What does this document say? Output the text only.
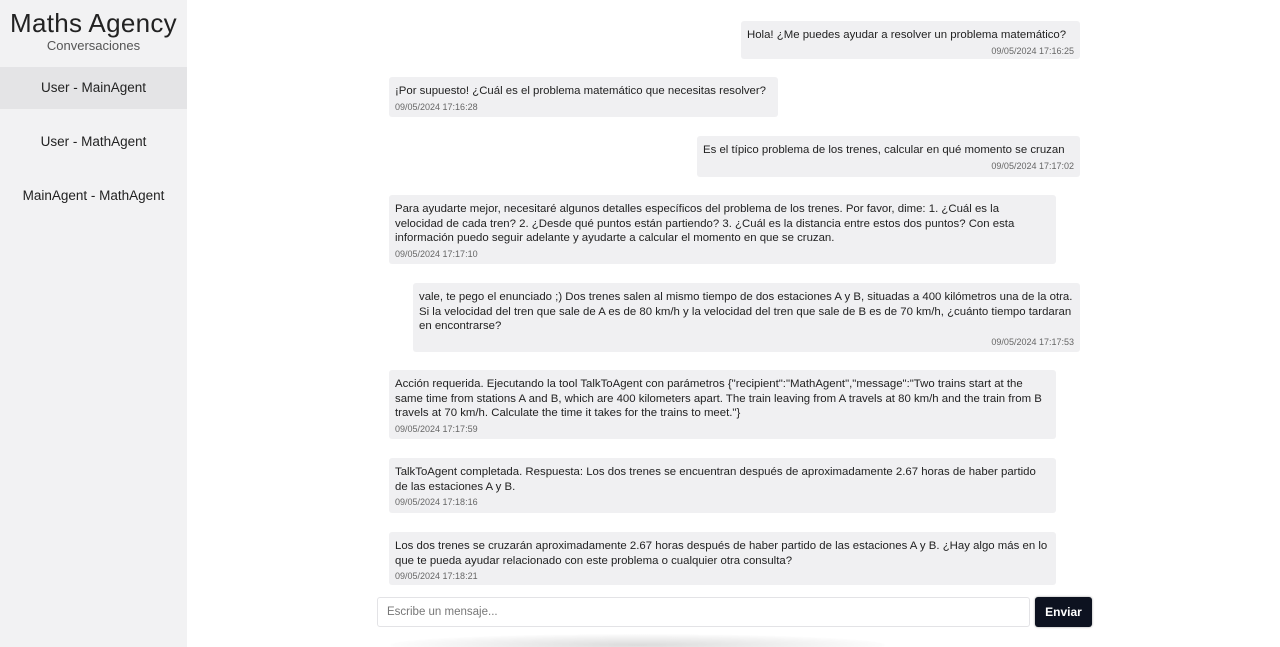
Maths Agency
Conversaciones
User - MainAgent
User - MathAgent
MainAgent - MathAgent
Hola! ¿Me puedes ayudar a resolver un problema matemático?
09/05/2024 17:16:25
¡Por supuesto! ¿Cuál es el problema matemático que necesitas resolver?
09/05/2024 17:16:28
Es el típico problema de los trenes, calcular en qué momento se cruzan
09/05/2024 17:17:02
Para ayudarte mejor, necesitaré algunos detalles específicos del problema de los trenes. Por favor, dime: 1. ¿Cuál es la velocidad de cada tren? 2. ¿Desde qué puntos están partiendo? 3. ¿Cuál es la distancia entre estos dos puntos? Con esta información puedo seguir adelante y ayudarte a calcular el momento en que se cruzan.
09/05/2024 17:17:10
vale, te pego el enunciado ;) Dos trenes salen al mismo tiempo de dos estaciones A y B, situadas a 400 kilómetros una de la otra. Si la velocidad del tren que sale de A es de 80 km/h y la velocidad del tren que sale de B es de 70 km/h, ¿cuánto tiempo tardaran en encontrarse?
09/05/2024 17:17:53
Acción requerida. Ejecutando la tool TalkToAgent con parámetros {"recipient":"MathAgent","message":"Two trains start at the same time from stations A and B, which are 400 kilometers apart. The train leaving from A travels at 80 km/h and the train from B travels at 70 km/h. Calculate the time it takes for the trains to meet."}
09/05/2024 17:17:59
TalkToAgent completada. Respuesta: Los dos trenes se encuentran después de aproximadamente 2.67 horas de haber partido de las estaciones A y B.
09/05/2024 17:18:16
Los dos trenes se cruzarán aproximadamente 2.67 horas después de haber partido de las estaciones A y B. ¿Hay algo más en lo que te pueda ayudar relacionado con este problema o cualquier otra consulta?
09/05/2024 17:18:21
Escribe un mensaje...
Enviar
